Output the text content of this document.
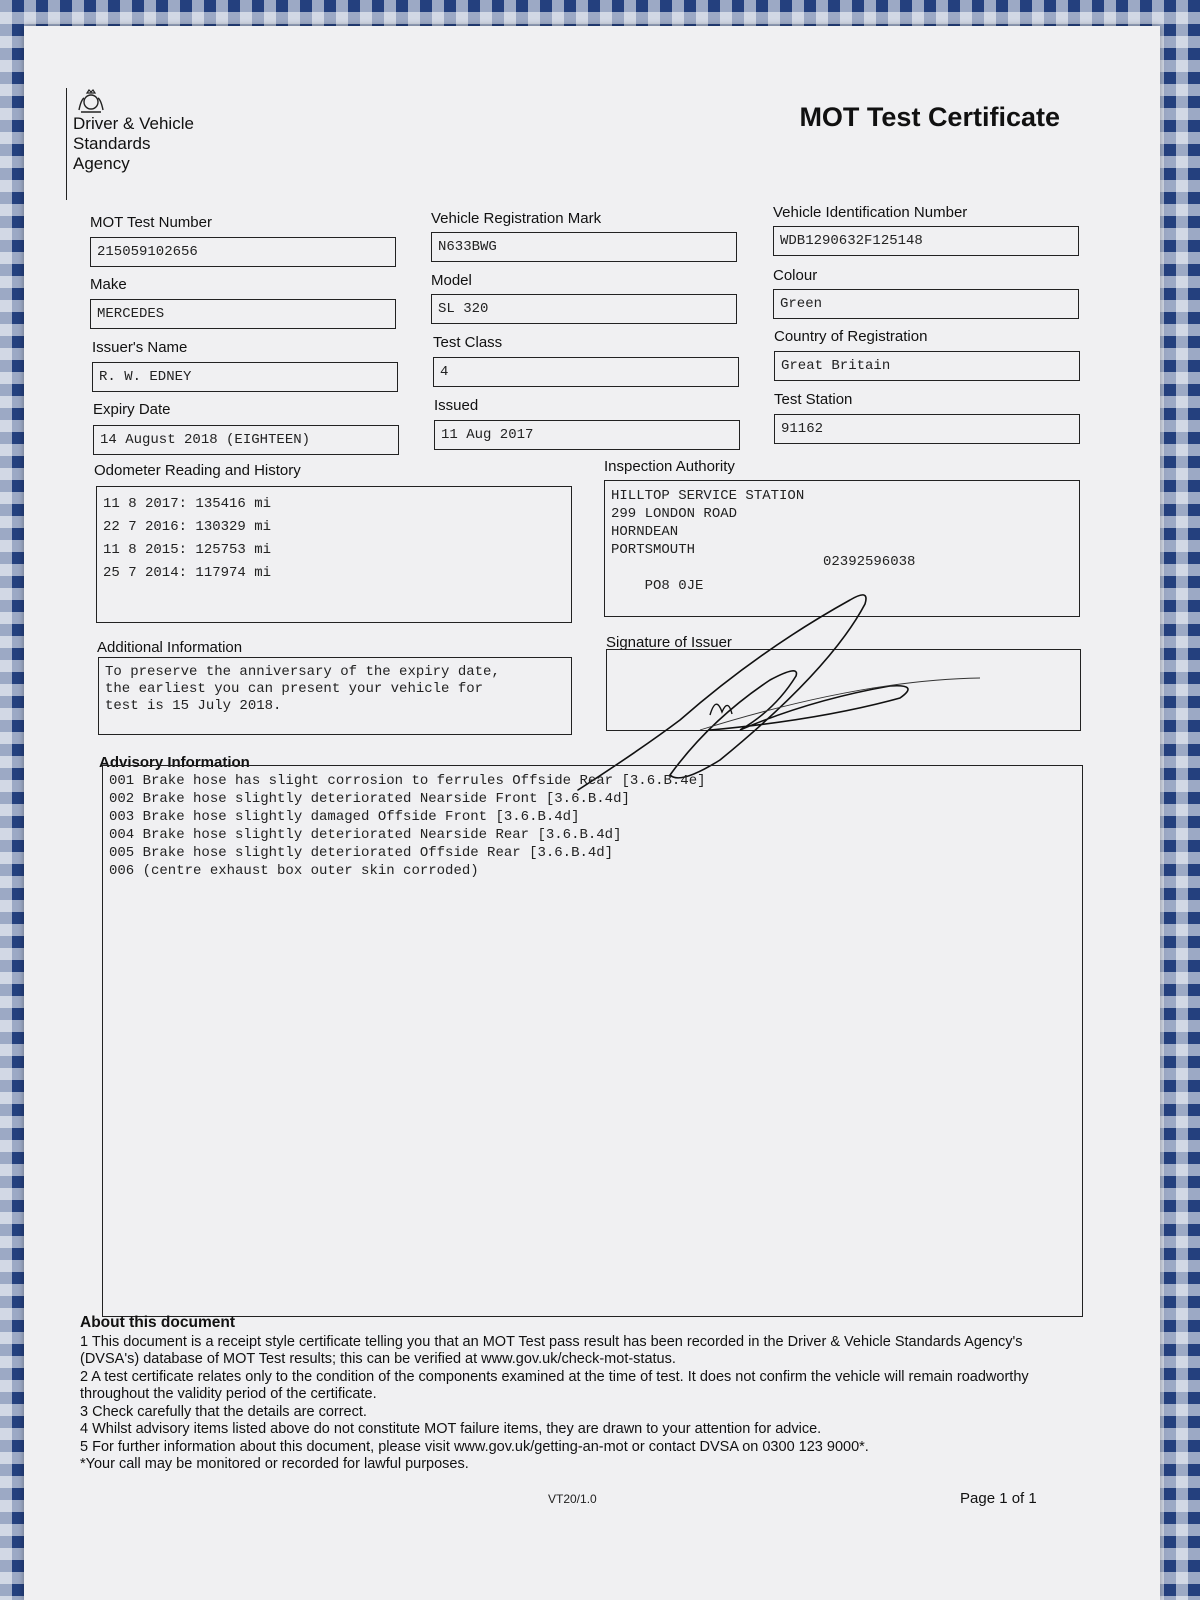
Driver & Vehicle
Standards
Agency
MOT Test Certificate
MOT Test Number
215059102656
Vehicle Registration Mark
N633BWG
Vehicle Identification Number
WDB1290632F125148
Make
MERCEDES
Model
SL 320
Colour
Green
Issuer's Name
R. W. EDNEY
Test Class
4
Country of Registration
Great Britain
Expiry Date
14 August 2018 (EIGHTEEN)
Issued
11 Aug 2017
Test Station
91162
Odometer Reading and History
11 8 2017: 135416 mi
22 7 2016: 130329 mi
11 8 2015: 125753 mi
25 7 2014: 117974 mi
Inspection Authority
HILLTOP SERVICE STATION
299 LONDON ROAD
HORNDEAN
PORTSMOUTH

PO8 0JE

02392596038

Additional Information
To preserve the anniversary of the expiry date,
the earliest you can present your vehicle for
test is 15 July 2018.
Signature of Issuer
Advisory Information
001 Brake hose has slight corrosion to ferrules Offside Rear [3.6.B.4e]
002 Brake hose slightly deteriorated Nearside Front [3.6.B.4d]
003 Brake hose slightly damaged Offside Front [3.6.B.4d]
004 Brake hose slightly deteriorated Nearside Rear [3.6.B.4d]
005 Brake hose slightly deteriorated Offside Rear [3.6.B.4d]
006 (centre exhaust box outer skin corroded)
About this document
1 This document is a receipt style certificate telling you that an MOT Test pass result has been recorded in the Driver & Vehicle Standards Agency's (DVSA's) database of MOT Test results; this can be verified at www.gov.uk/check-mot-status.
2 A test certificate relates only to the condition of the components examined at the time of test. It does not confirm the vehicle will remain roadworthy throughout the validity period of the certificate.
3 Check carefully that the details are correct.
4 Whilst advisory items listed above do not constitute MOT failure items, they are drawn to your attention for advice.
5 For further information about this document, please visit www.gov.uk/getting-an-mot or contact DVSA on 0300 123 9000*.
*Your call may be monitored or recorded for lawful purposes.
VT20/1.0	Page 1 of 1
